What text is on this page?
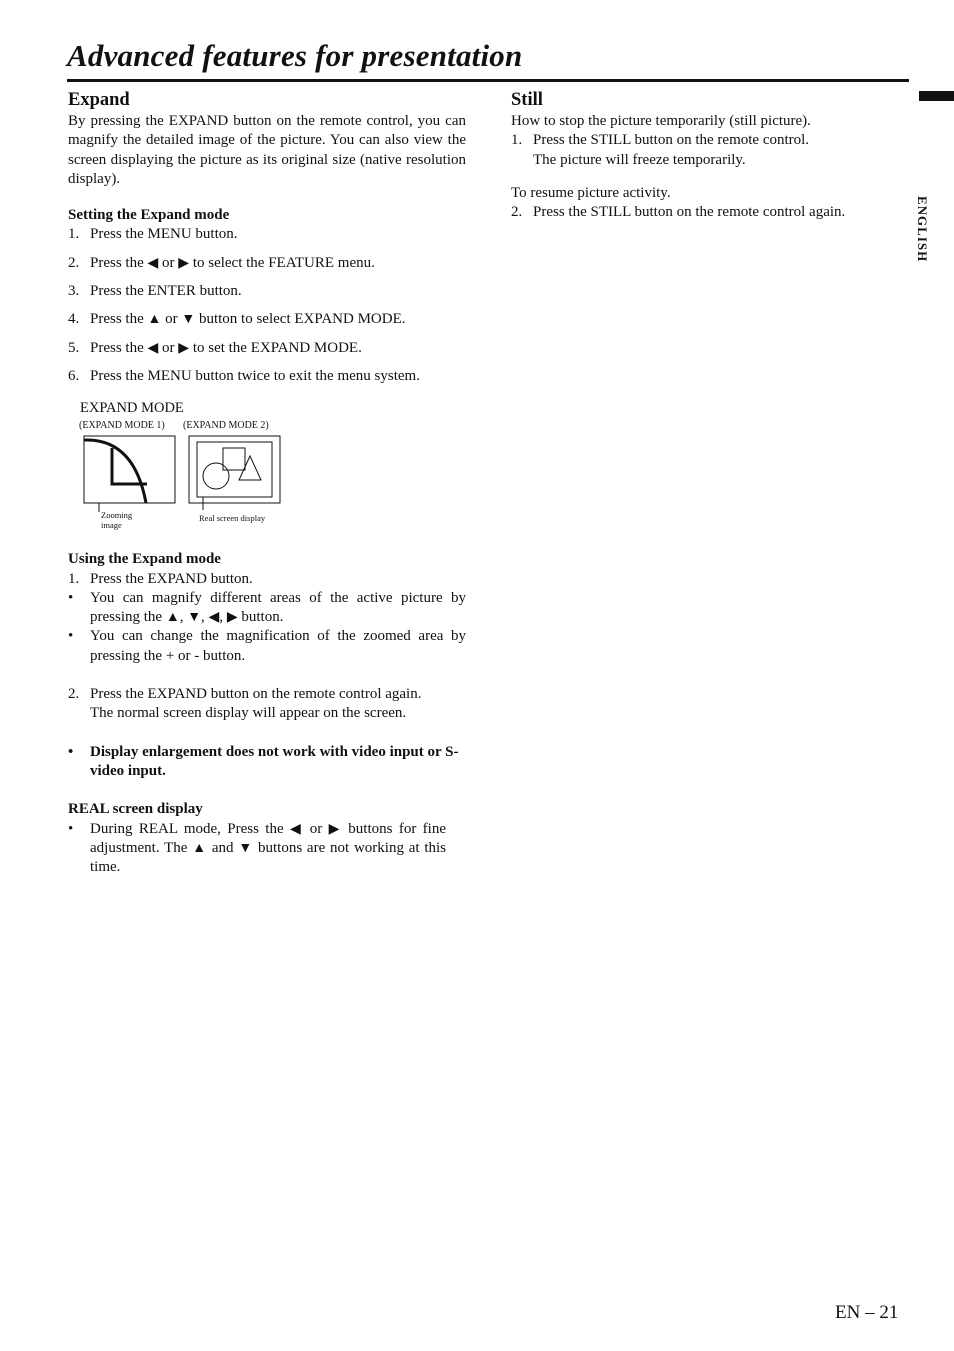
Advanced features for presentation
ENGLISH
Expand

By pressing the EXPAND button on the remote control, you can magnify the detailed image of the picture. You can also view the screen displaying the picture as its original size (native resolution display).

Setting the Expand mode
1. Press the MENU button.
2. Press the ◀ or ▶ to select the FEATURE menu.
3. Press the ENTER button.
4. Press the ▲ or ▼ button to select EXPAND MODE.
5. Press the ◀ or ▶ to set the EXPAND MODE.
6. Press the MENU button twice to exit the menu system.
EXPAND MODE
(EXPAND MODE 1) (EXPAND MODE 2)
Zooming image
Real screen display
Using the Expand mode
1. Press the EXPAND button.
•	You can magnify different areas of the active picture by pressing the ▲, ▼, ◀, ▶ button.
•	You can change the magnification of the zoomed area by pressing the + or - button.
2. Press the EXPAND button on the remote control again.
The normal screen display will appear on the screen.
•	Display enlargement does not work with video input or S-video input.
REAL screen display
•	During REAL mode, Press the ◀ or ▶ buttons for fine adjustment. The ▲ and ▼ buttons are not working at this time.
Still

How to stop the picture temporarily (still picture).

1. Press the STILL button on the remote control.
The picture will freeze temporarily.

To resume picture activity.

2. Press the STILL button on the remote control again.
EN – 21
